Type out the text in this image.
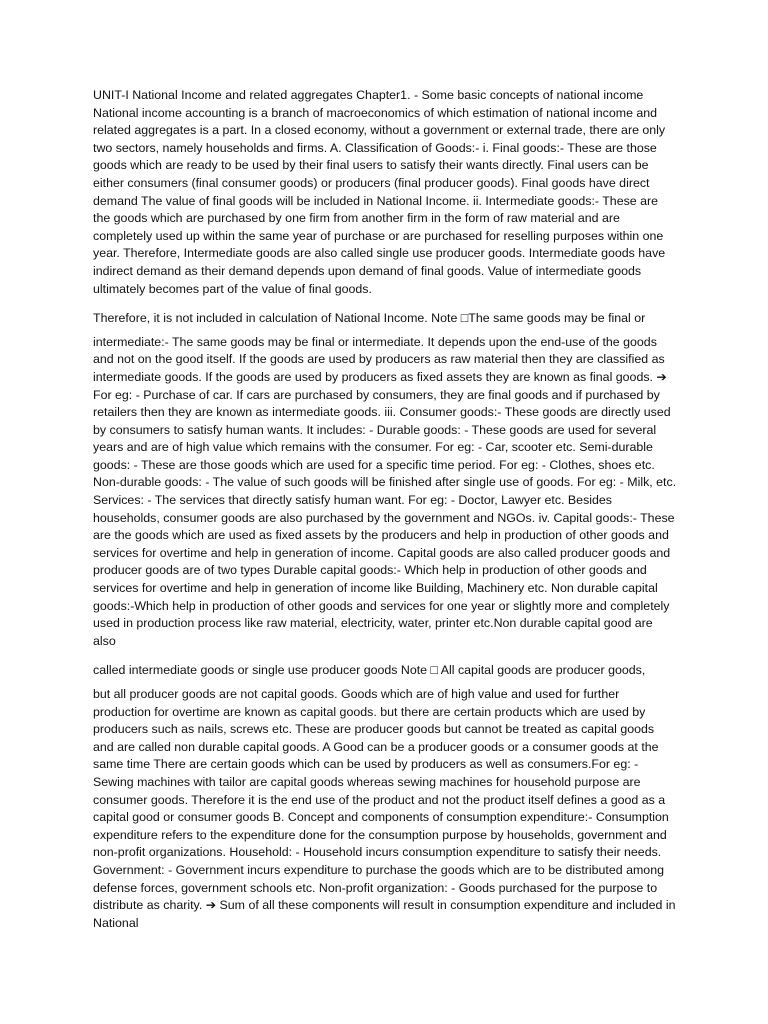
UNIT-I National Income and related aggregates Chapter1. - Some basic concepts of national income National income accounting is a branch of macroeconomics of which estimation of national income and related aggregates is a part. In a closed economy, without a government or external trade, there are only two sectors, namely households and firms. A. Classification of Goods:- i. Final goods:- These are those goods which are ready to be used by their final users to satisfy their wants directly. Final users can be either consumers (final consumer goods) or producers (final producer goods). Final goods have direct demand The value of final goods will be included in National Income. ii. Intermediate goods:- These are the goods which are purchased by one firm from another firm in the form of raw material and are completely used up within the same year of purchase or are purchased for reselling purposes within one year. Therefore, Intermediate goods are also called single use producer goods. Intermediate goods have indirect demand as their demand depends upon demand of final goods. Value of intermediate goods ultimately becomes part of the value of final goods.

Therefore, it is not included in calculation of National Income. Note □The same goods may be final or
intermediate:- The same goods may be final or intermediate. It depends upon the end-use of the goods and not on the good itself. If the goods are used by producers as raw material then they are classified as intermediate goods. If the goods are used by producers as fixed assets they are known as final goods. ➔ For eg: - Purchase of car. If cars are purchased by consumers, they are final goods and if purchased by retailers then they are known as intermediate goods. iii. Consumer goods:- These goods are directly used by consumers to satisfy human wants. It includes: - Durable goods: - These goods are used for several years and are of high value which remains with the consumer. For eg: - Car, scooter etc. Semi-durable goods: - These are those goods which are used for a specific time period. For eg: - Clothes, shoes etc. Non-durable goods: - The value of such goods will be finished after single use of goods. For eg: - Milk, etc. Services: - The services that directly satisfy human want. For eg: - Doctor, Lawyer etc. Besides households, consumer goods are also purchased by the government and NGOs. iv. Capital goods:- These are the goods which are used as fixed assets by the producers and help in production of other goods and services for overtime and help in generation of income. Capital goods are also called producer goods and producer goods are of two types Durable capital goods:- Which help in production of other goods and services for overtime and help in generation of income like Building, Machinery etc. Non durable capital goods:-Which help in production of other goods and services for one year or slightly more and completely used in production process like raw material, electricity, water, printer etc.Non durable capital good are also

called intermediate goods or single use producer goods Note □ All capital goods are producer goods,
but all producer goods are not capital goods. Goods which are of high value and used for further production for overtime are known as capital goods. but there are certain products which are used by producers such as nails, screws etc. These are producer goods but cannot be treated as capital goods and are called non durable capital goods. A Good can be a producer goods or a consumer goods at the same time There are certain goods which can be used by producers as well as consumers.For eg: - Sewing machines with tailor are capital goods whereas sewing machines for household purpose are consumer goods. Therefore it is the end use of the product and not the product itself defines a good as a capital good or consumer goods B. Concept and components of consumption expenditure:- Consumption expenditure refers to the expenditure done for the consumption purpose by households, government and non-profit organizations. Household: - Household incurs consumption expenditure to satisfy their needs. Government: - Government incurs expenditure to purchase the goods which are to be distributed among defense forces, government schools etc. Non-profit organization: - Goods purchased for the purpose to distribute as charity. ➔ Sum of all these components will result in consumption expenditure and included in National
